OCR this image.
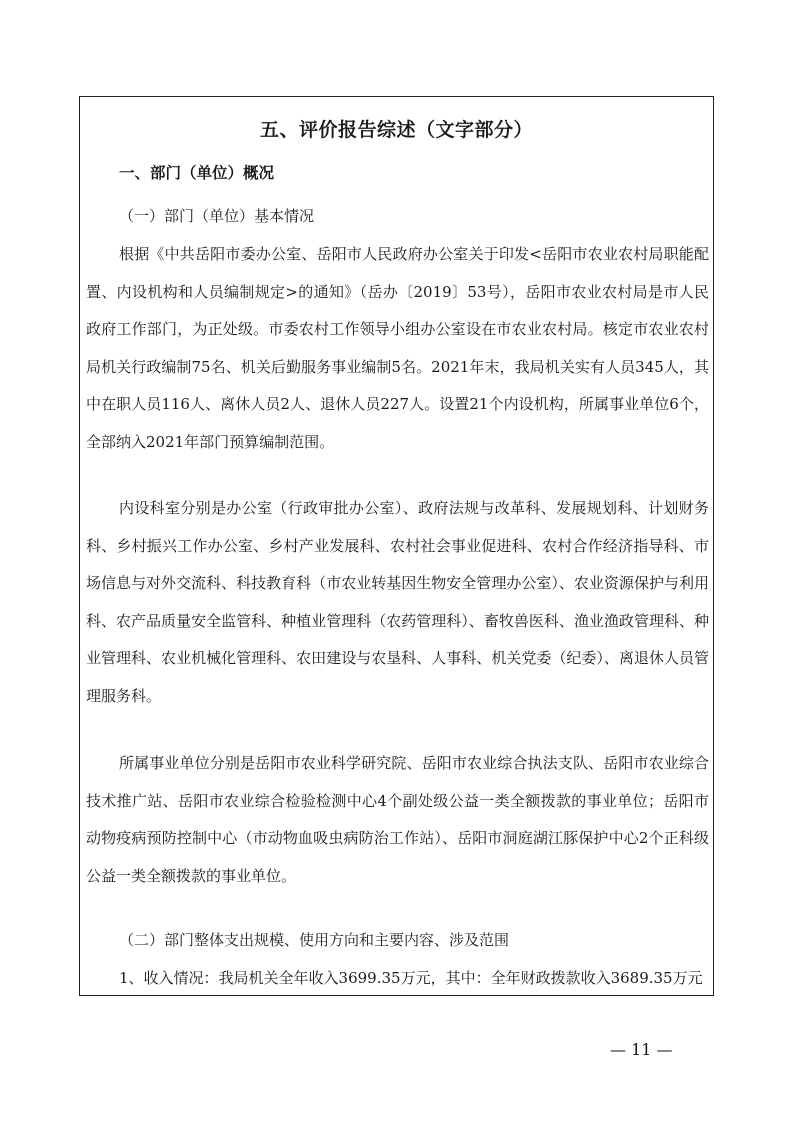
五、评价报告综述（文字部分）
一、部门（单位）概况
（一）部门（单位）基本情况

根据《中共岳阳市委办公室、岳阳市人民政府办公室关于印发<岳阳市农业农村局职能配置、内设机构和人员编制规定>的通知》（岳办〔2019〕53号），岳阳市农业农村局是市人民政府工作部门，为正处级。市委农村工作领导小组办公室设在市农业农村局。核定市农业农村局机关行政编制75名、机关后勤服务事业编制5名。2021年末，我局机关实有人员345人，其中在职人员116人、离休人员2人、退休人员227人。设置21个内设机构，所属事业单位6个，全部纳入2021年部门预算编制范围。

内设科室分别是办公室（行政审批办公室）、政府法规与改革科、发展规划科、计划财务科、乡村振兴工作办公室、乡村产业发展科、农村社会事业促进科、农村合作经济指导科、市场信息与对外交流科、科技教育科（市农业转基因生物安全管理办公室）、农业资源保护与利用科、农产品质量安全监管科、种植业管理科（农药管理科）、畜牧兽医科、渔业渔政管理科、种业管理科、农业机械化管理科、农田建设与农垦科、人事科、机关党委（纪委）、离退休人员管理服务科。

所属事业单位分别是岳阳市农业科学研究院、岳阳市农业综合执法支队、岳阳市农业综合技术推广站、岳阳市农业综合检验检测中心4个副处级公益一类全额拨款的事业单位；岳阳市动物疫病预防控制中心（市动物血吸虫病防治工作站）、岳阳市洞庭湖江豚保护中心2个正科级公益一类全额拨款的事业单位。

（二）部门整体支出规模、使用方向和主要内容、涉及范围

1、收入情况：我局机关全年收入3699.35万元，其中：全年财政拨款收入3689.35万元

— 11 —
